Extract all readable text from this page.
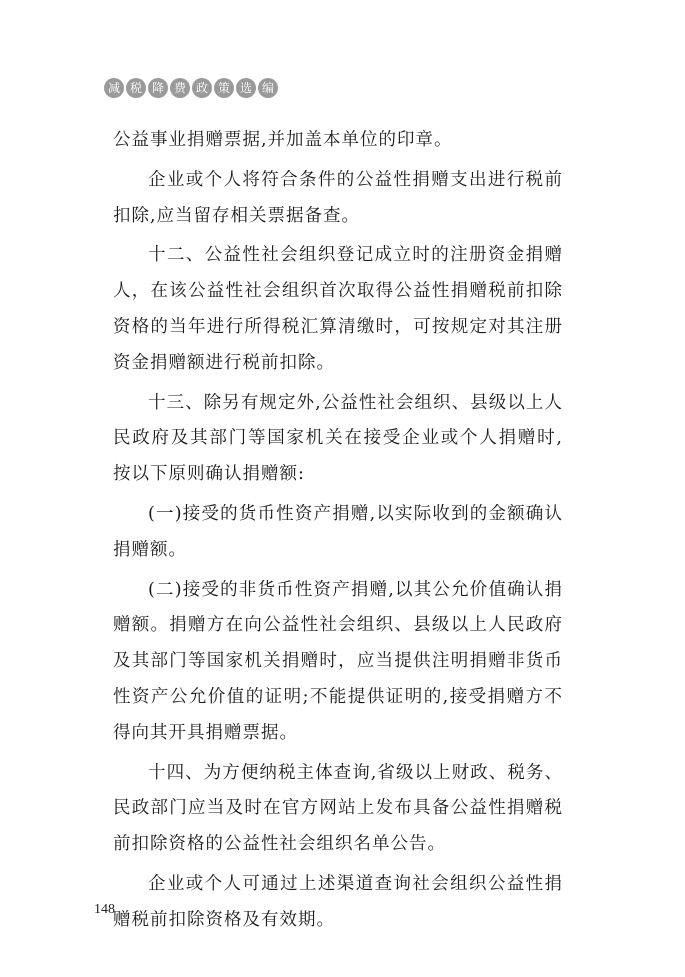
减 税 降 费 政 策 选 编

公益事业捐赠票据,并加盖本单位的印章。

企业或个人将符合条件的公益性捐赠支出进行税前扣除,应当留存相关票据备查。

十二、公益性社会组织登记成立时的注册资金捐赠人，在该公益性社会组织首次取得公益性捐赠税前扣除资格的当年进行所得税汇算清缴时，可按规定对其注册资金捐赠额进行税前扣除。

十三、除另有规定外,公益性社会组织、县级以上人民政府及其部门等国家机关在接受企业或个人捐赠时,按以下原则确认捐赠额:

(一)接受的货币性资产捐赠,以实际收到的金额确认捐赠额。

(二)接受的非货币性资产捐赠,以其公允价值确认捐赠额。捐赠方在向公益性社会组织、县级以上人民政府及其部门等国家机关捐赠时，应当提供注明捐赠非货币性资产公允价值的证明;不能提供证明的,接受捐赠方不得向其开具捐赠票据。

十四、为方便纳税主体查询,省级以上财政、税务、民政部门应当及时在官方网站上发布具备公益性捐赠税前扣除资格的公益性社会组织名单公告。

企业或个人可通过上述渠道查询社会组织公益性捐赠税前扣除资格及有效期。

148
